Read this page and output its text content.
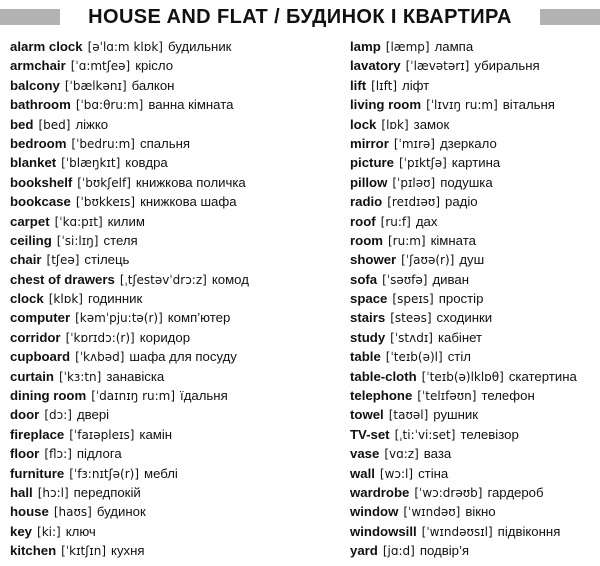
HOUSE AND FLAT / БУДИНОК І КВАРТИРА
alarm clock [əˈlɑ:m klɒk] будильник
armchair [ˈɑ:mtʃeə] крісло
balcony [ˈbælkənɪ] балкон
bathroom [ˈbɑ:θru:m] ванна кімната
bed [bed] ліжко
bedroom [ˈbedru:m] спальня
blanket [ˈblæŋkɪt] ковдра
bookshelf [ˈbʊkʃelf] книжкова поличка
bookcase [ˈbʊkkeɪs] книжкова шафа
carpet [ˈkɑ:pɪt] килим
ceiling [ˈsi:lɪŋ] стеля
chair [tʃeə] стілець
chest of drawers [ˌtʃestəvˈdrɔ:z] комод
clock [klɒk] годинник
computer [kəmˈpju:tə(r)] комп’ютер
corridor [ˈkɒrɪdɔ:(r)] коридор
cupboard [ˈkʌbəd] шафа для посуду
curtain [ˈkɜ:tn] занавіска
dining room [ˈdaɪnɪŋ ru:m] їдальня
door [dɔ:] двері
fireplace [ˈfaɪəpleɪs] камін
floor [flɔ:] підлога
furniture [ˈfɜ:nɪtʃə(r)] меблі
hall [hɔ:l] передпокій
house [haʊs] будинок
key [ki:] ключ
kitchen [ˈkɪtʃɪn] кухня
lamp [læmp] лампа
lavatory [ˈlævətərɪ] убиральня
lift [lɪft] ліфт
living room [ˈlɪvɪŋ ru:m] вітальня
lock [lɒk] замок
mirror [ˈmɪrə] дзеркало
picture [ˈpɪktʃə] картина
pillow [ˈpɪləʊ] подушка
radio [reɪdɪəʊ] радіо
roof [ru:f] дах
room [ru:m] кімната
shower [ˈʃaʊə(r)] душ
sofa [ˈsəʊfə] диван
space [speɪs] простір
stairs [steəs] сходинки
study [ˈstʌdɪ] кабінет
table [ˈteɪb(ə)l] стіл
table-cloth [ˈteɪb(ə)lklɒθ] скатертина
telephone [ˈtelɪfəʊn] телефон
towel [taʊəl] рушник
TV-set [ˌti:ˈvi:set] телевізор
vase [vɑ:z] ваза
wall [wɔ:l] стіна
wardrobe [ˈwɔ:drəʊb] гардероб
window [ˈwɪndəʊ] вікно
windowsill [ˈwɪndəʊsɪl] підвіконня
yard [jɑ:d] подвір’я
